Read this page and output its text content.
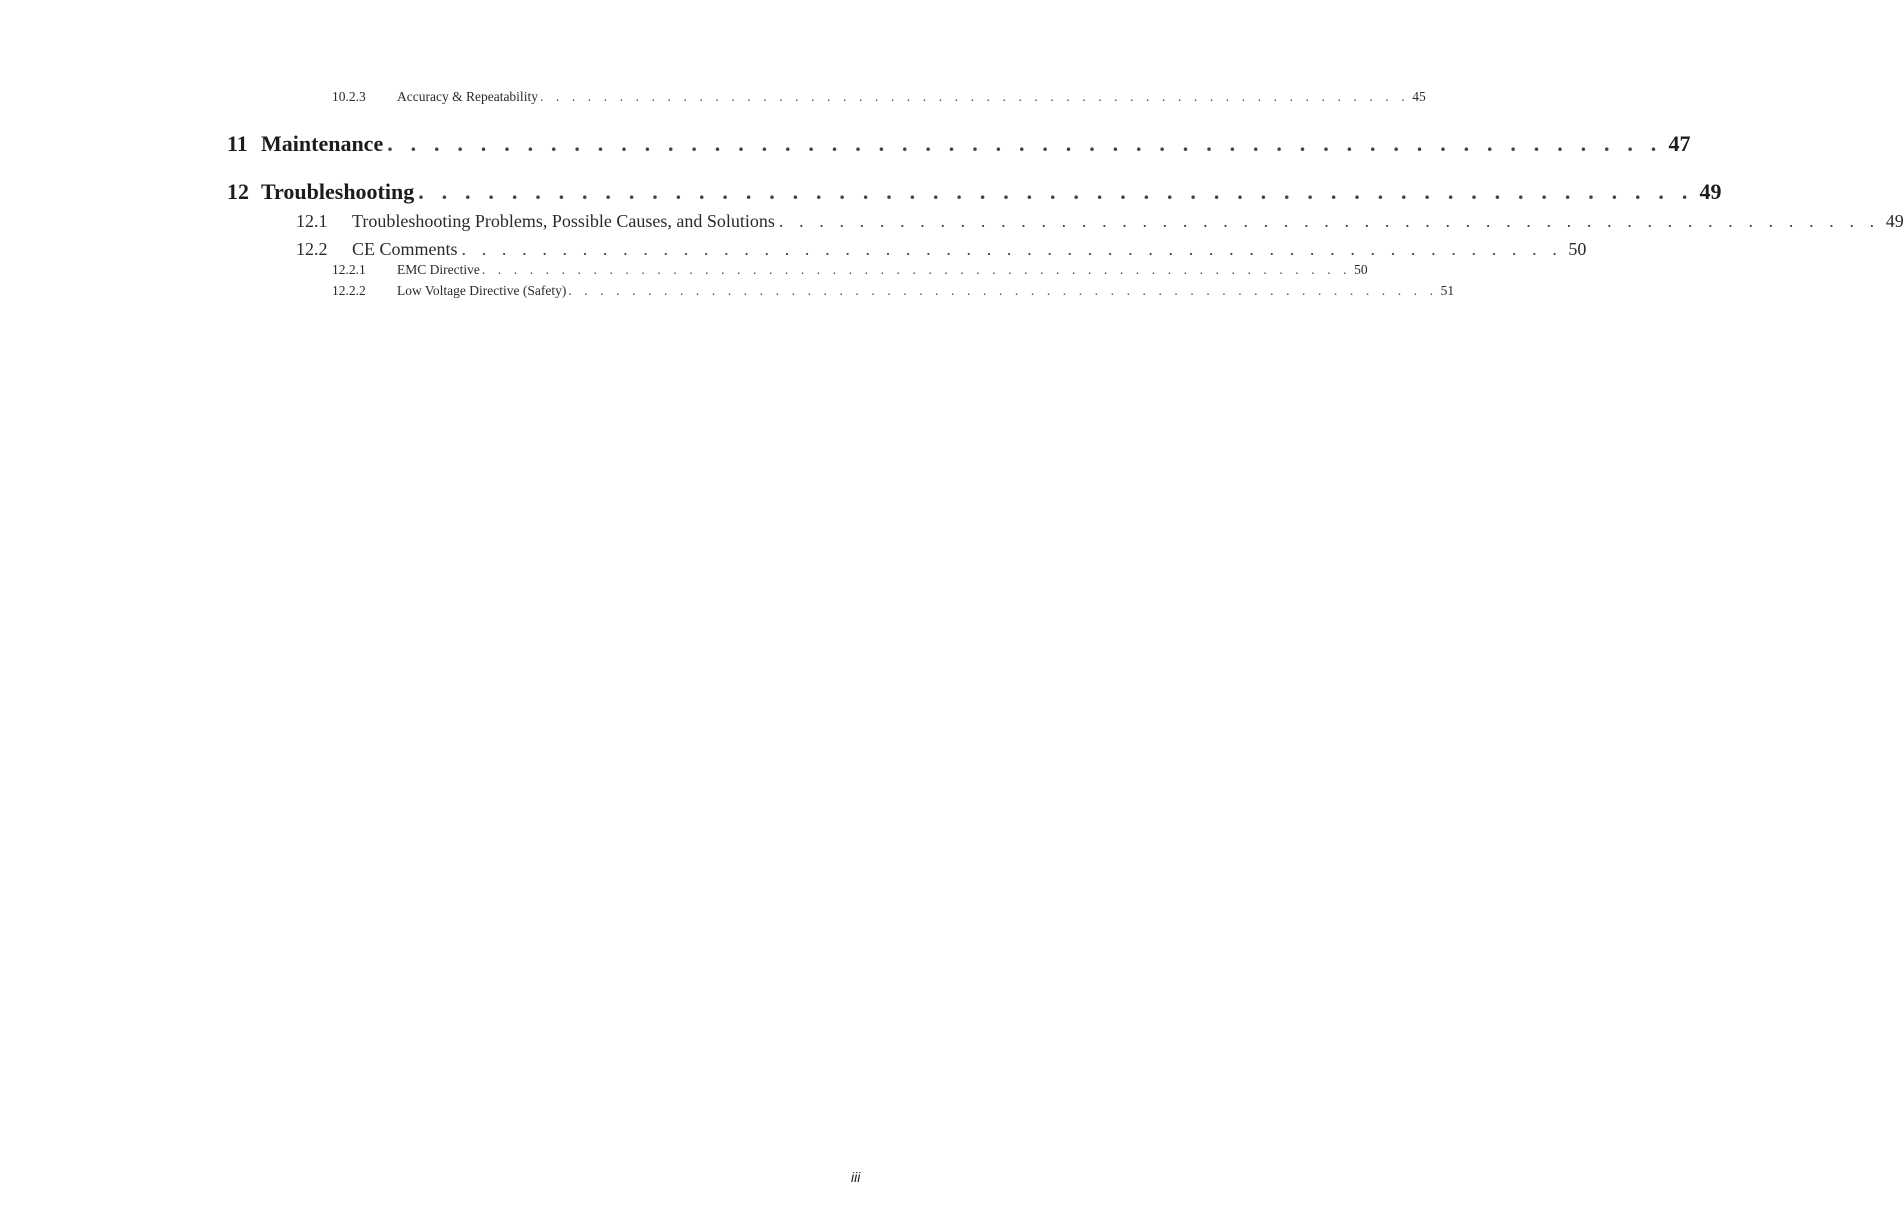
10.2.3	Accuracy & Repeatability . . . . . . . . . . . . . . . . . . . . . . . . . . . . . . . . . . . . . . . . . . . . . . . . . . . . . . . 45
11 Maintenance . . . . . . . . . . . . . . . . . . . . . . . . . . . . . . . . . . . . . . . . . . . . . . . . . . . . . . . 47
12 Troubleshooting . . . . . . . . . . . . . . . . . . . . . . . . . . . . . . . . . . . . . . . . . . . . . . . . . . . . . . . 49
12.1	Troubleshooting Problems, Possible Causes, and Solutions . . . . . . . . . . . . . . . . . . . . . . . . . . . . . . . . . . . . . . . . . . . . . . . . . . . . . . . 49
12.2	CE Comments . . . . . . . . . . . . . . . . . . . . . . . . . . . . . . . . . . . . . . . . . . . . . . . . . . . . . . . 50
12.2.1	EMC Directive . . . . . . . . . . . . . . . . . . . . . . . . . . . . . . . . . . . . . . . . . . . . . . . . . . . . . . . 50
12.2.2	Low Voltage Directive (Safety) . . . . . . . . . . . . . . . . . . . . . . . . . . . . . . . . . . . . . . . . . . . . . . . . . . . . . . . 51
iii
